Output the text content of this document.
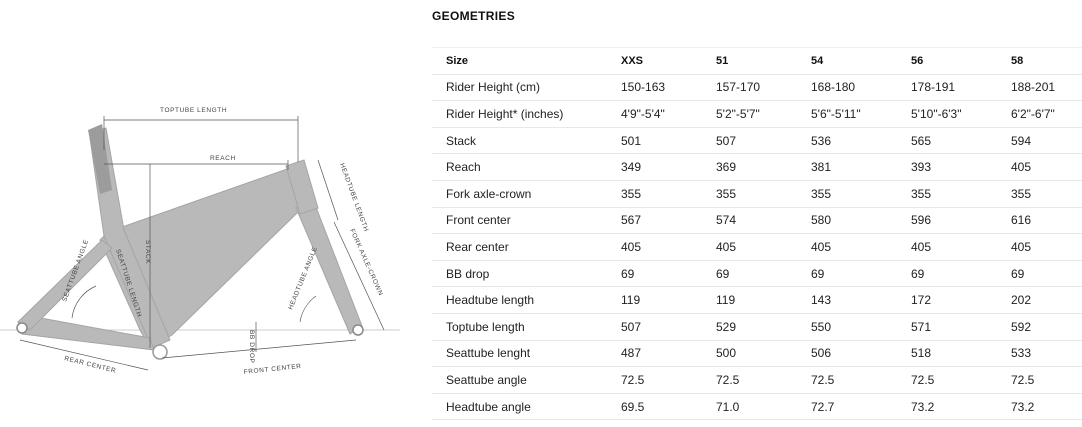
GEOMETRIES
TOPTUBE LENGTH
REACH
HEADTUBE LENGTH
STACK	FORK AXLE-CROWN
SEATTUBE ANGLE	SEATTUBE LENGTH	HEADTUBE ANGLE
BB DROP
REAR CENTER	FRONT CENTER
Size	XXS	51	54	56	58
Rider Height (cm)	150-163	157-170	168-180	178-191	188-201
Rider Height* (inches)	4'9"-5'4"	5'2"-5'7"	5'6"-5'11"	5'10"-6'3"	6'2"-6'7"
Stack	501	507	536	565	594
Reach	349	369	381	393	405
Fork axle-crown	355	355	355	355	355
Front center	567	574	580	596	616
Rear center	405	405	405	405	405
BB drop	69	69	69	69	69
Headtube length	119	119	143	172	202
Toptube length	507	529	550	571	592
Seattube lenght	487	500	506	518	533
Seattube angle	72.5	72.5	72.5	72.5	72.5
Headtube angle	69.5	71.0	72.7	73.2	73.2
